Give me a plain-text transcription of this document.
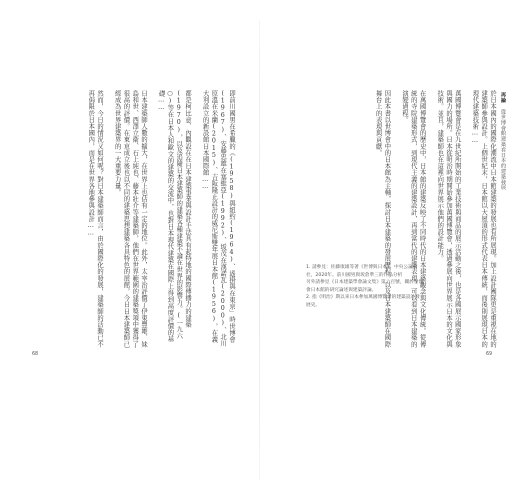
即前川國男在希臘的《(1958)與紐約(1964)、遙掛與在東京」時世博會(1967)、安藤忠雄在塞維亞(1992)、坂茂在漢諾瓦(2000)、北川原溫在米蘭(2015)、吉阪隆正設計的威尼斯雙年展日本館(1956)，在義大利設立的新設館日本國際館……

都是柯比意、內觀設在在日本建築事業與設計手法具有起特地的國際傳播力的建築(1970)，以及追隨日本建築師的建築各種建築不論在世界的影響力。(一九六○)等在日本人和歐文的建築的交流中，也對日本現代建築在國際上得到高度評價的基礎……

日本建築師人數的擴大，在世界上也佔有一定的地位。此外，太宰治評價了伊東豐雄、妹島和世、西澤立衛、石上純也、藤本壯介等建築師，他們在世界範圍的建築獎項中獲得了很高的評價。在東京成立後也以不同的建築思想建築各具特色的展館，今日日本建築師已經成為世界建築界的一大重要力量。

然而，今日的情況又如何呢？對日本建築師而言，由於國際化的發展，建築師的活動已不再侷限於日本國內，而是在世界各地參與設計……

68
再論 從世博會館建築看日本的建築發展

於日本國內的國際化潮流中日本館建築的發展也有所展現。加上設計團隊更是重視在地的建築師參與設計。上個世紀末，日本館以大屋頂的形式代表日本傳統，而後則展現日本的現代建築技術……

萬國博覽會是在九世紀所開始的工業技術與商品的展示活動之後，也是各國展示國家形象與國力的場所。日本從明治時期開始參加萬國博覽會，透過參展向世界展示日本的文化與技術。並且，建築師也在這裡向世界展示他們的設計能力。

在萬國博覽會的歷史中，日本館的建築反映了不同時代的日本建築觀念與文化傳統。從傳統的寺院建築形式，到現代主義的建築設計，再到當代的建築表現，可以看到日本建築的演變過程。

因此本書以世博會中的日本館為主軸，探討日本建築的發展歷程，以及日本建築師在國際舞台上的表現與貢獻。

1. 請參見：佐藤康雄等著《世博與日本》，中央公論新社，2020年。前川國男與坂倉準三的作品分析
另外請參見《日本建築學會論文集》第六百號，關於世博會日本館的研究論述與建築評論。
2. 指《明治》期以來日本參加萬國博覽會的建築設計發展史。
69
